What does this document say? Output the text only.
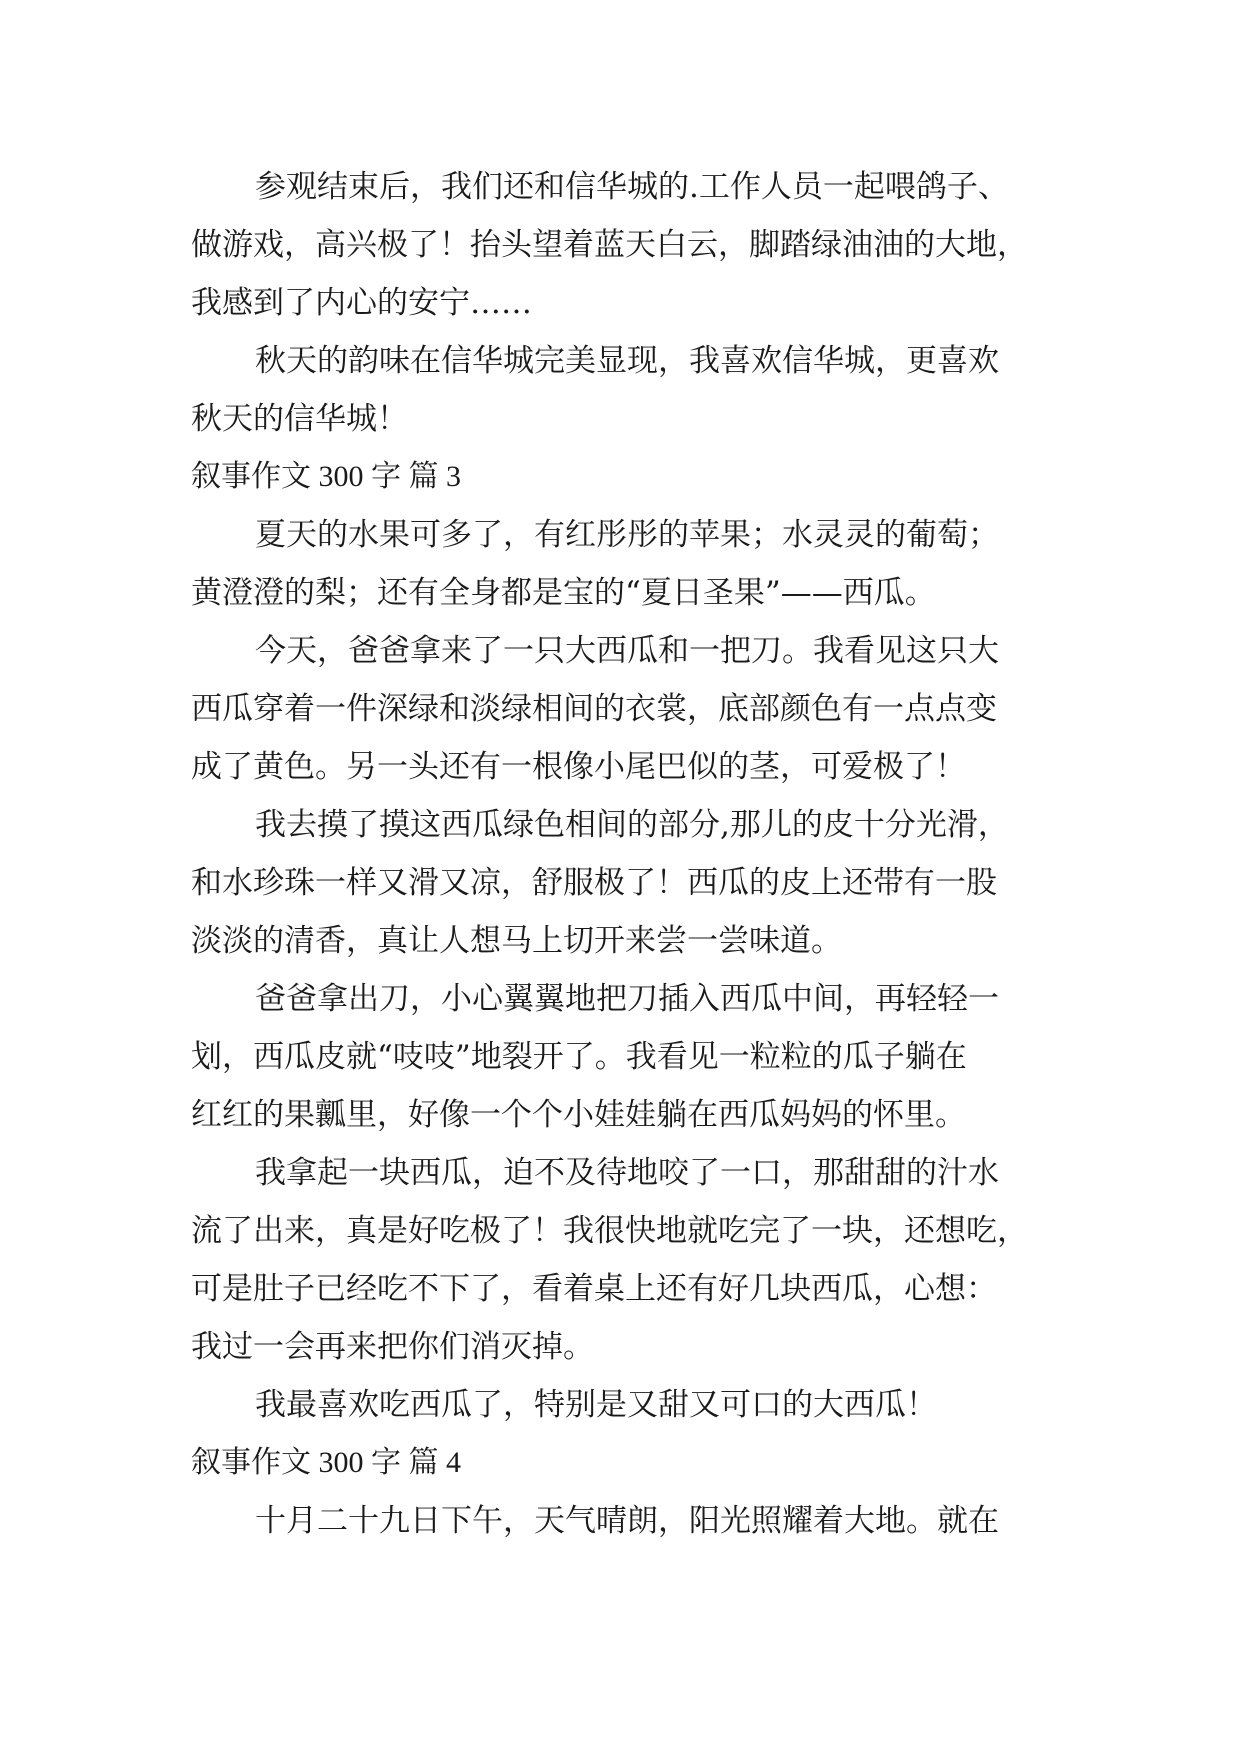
参观结束后，我们还和信华城的.工作人员一起喂鸽子、
做游戏，高兴极了！抬头望着蓝天白云，脚踏绿油油的大地，
我感到了内心的安宁……
秋天的韵味在信华城完美显现，我喜欢信华城，更喜欢
秋天的信华城！
叙事作文 300 字 篇 3
夏天的水果可多了，有红彤彤的苹果；水灵灵的葡萄；
黄澄澄的梨；还有全身都是宝的“夏日圣果”——西瓜。
今天，爸爸拿来了一只大西瓜和一把刀。我看见这只大
西瓜穿着一件深绿和淡绿相间的衣裳，底部颜色有一点点变
成了黄色。另一头还有一根像小尾巴似的茎，可爱极了！
我去摸了摸这西瓜绿色相间的部分,那儿的皮十分光滑，
和水珍珠一样又滑又凉，舒服极了！西瓜的皮上还带有一股
淡淡的清香，真让人想马上切开来尝一尝味道。
爸爸拿出刀，小心翼翼地把刀插入西瓜中间，再轻轻一
划，西瓜皮就“吱吱”地裂开了。我看见一粒粒的瓜子躺在
红红的果瓤里，好像一个个小娃娃躺在西瓜妈妈的怀里。
我拿起一块西瓜，迫不及待地咬了一口，那甜甜的汁水
流了出来，真是好吃极了！我很快地就吃完了一块，还想吃，
可是肚子已经吃不下了，看着桌上还有好几块西瓜，心想：
我过一会再来把你们消灭掉。
我最喜欢吃西瓜了，特别是又甜又可口的大西瓜！
叙事作文 300 字 篇 4
十月二十九日下午，天气晴朗，阳光照耀着大地。就在
